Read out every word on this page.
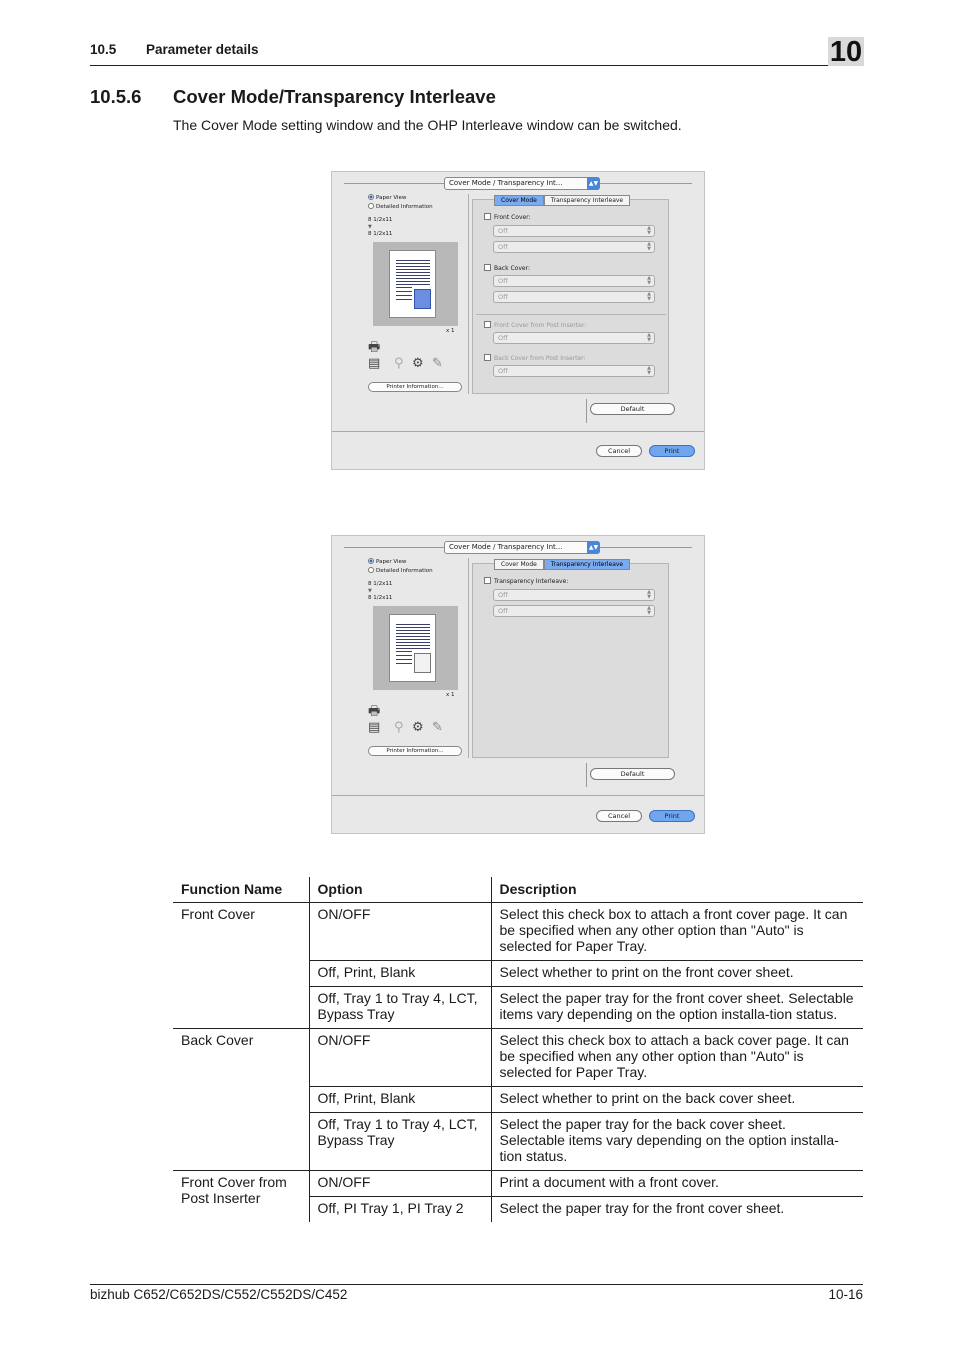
10.5 Parameter details	10
10.5.6 Cover Mode/Transparency Interleave
The Cover Mode setting window and the OHP Interleave window can be switched.
Cover Mode / Transparency Int...	▲▼
Paper View
Detailed Information
8 1/2x11
▼
8 1/2x11
x 1
🖶
▤ ⚲ ⚙ ✎
Printer Information...
Cover Mode	Transparency Interleave
Front Cover:
Off	▲
▼
Off	▲
▼
Back Cover:
Off	▲
▼
Off	▲
▼
Front Cover from Post Inserter:
Off	▲
▼
Back Cover from Post Inserter:
Off	▲
▼
Default
Cancel	Print
Cover Mode / Transparency Int...	▲▼
Paper View
Detailed Information
8 1/2x11
▼
8 1/2x11
x 1
🖶
▤ ⚲ ⚙ ✎
Printer Information...
Cover Mode	Transparency Interleave
Transparency Interleave:
Off	▲
▼
Off	▲
▼
Default
Cancel	Print
Function Name	Option	Description
Front Cover	ON/OFF	Select this check box to attach a front cover page. It can be specified when any other option than "Auto" is selected for Paper Tray.
	Off, Print, Blank	Select whether to print on the front cover sheet.
	Off, Tray 1 to Tray 4, LCT, Bypass Tray	Select the paper tray for the front cover sheet. Selectable items vary depending on the option installa-tion status.
Back Cover	ON/OFF	Select this check box to attach a back cover page. It can be specified when any other option than "Auto" is selected for Paper Tray.
	Off, Print, Blank	Select whether to print on the back cover sheet.
	Off, Tray 1 to Tray 4, LCT, Bypass Tray	Select the paper tray for the back cover sheet. Selectable items vary depending on the option installa-tion status.
Front Cover from Post Inserter	ON/OFF	Print a document with a front cover.
	Off, PI Tray 1, PI Tray 2	Select the paper tray for the front cover sheet.
bizhub C652/C652DS/C552/C552DS/C452	10-16
